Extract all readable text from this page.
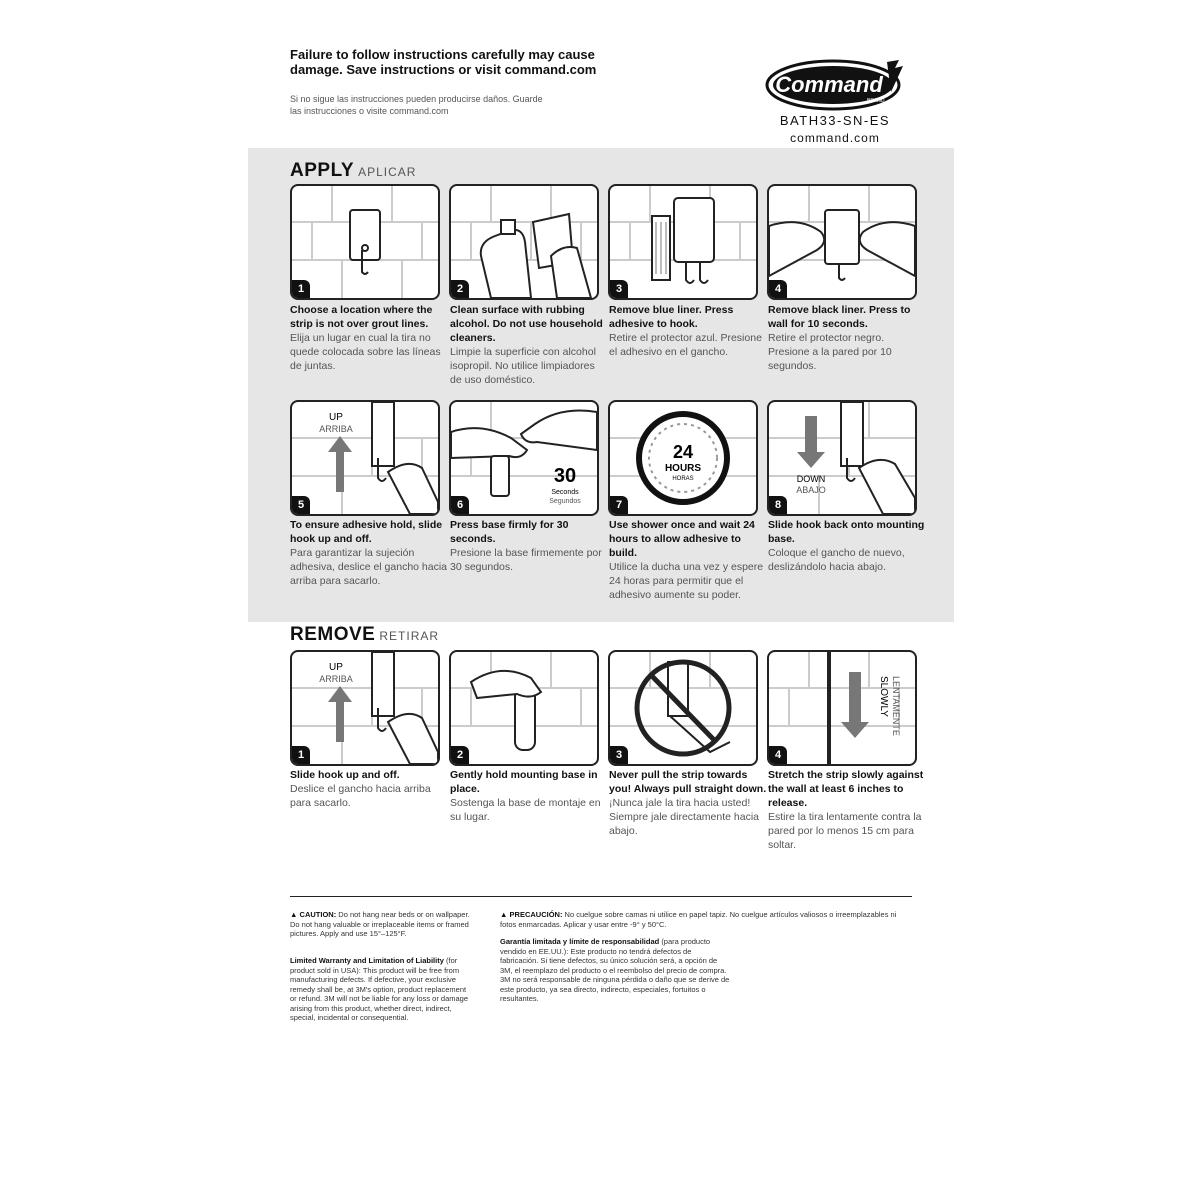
Failure to follow instructions carefully may cause damage. Save instructions or visit command.com
Si no sigue las instrucciones pueden producirse daños. Guarde las instrucciones o visite command.com
Command
BRAND
BATH33-SN-ES
command.com
APPLY APLICAR
1	2	3	4
Choose a location where the strip is not over grout lines.
Elija un lugar en cual la tira no quede colocada sobre las líneas de juntas.
Clean surface with rubbing alcohol. Do not use household cleaners.
Limpie la superficie con alcohol isopropil. No utilice limpiadores de uso doméstico.
Remove blue liner. Press adhesive to hook.
Retire el protector azul. Presione el adhesivo en el gancho.
Remove black liner. Press to wall for 10 seconds.
Retire el protector negro. Presione a la pared por 10 segundos.
UP
ARRIBA
5
30
Seconds
Segundos
6
24
HOURS
HORAS
7
DOWN
ABAJO
8
To ensure adhesive hold, slide hook up and off.
Para garantizar la sujeción adhesiva, deslice el gancho hacia arriba para sacarlo.
Press base firmly for 30 seconds.
Presione la base firmemente por 30 segundos.
Use shower once and wait 24 hours to allow adhesive to build.
Utilice la ducha una vez y espere 24 horas para permitir que el adhesivo aumente su poder.
Slide hook back onto mounting base.
Coloque el gancho de nuevo, deslizándolo hacia abajo.
REMOVE RETIRAR
UP
ARRIBA
1	2	3
SLOWLY LENTAMENTE
4
Slide hook up and off.
Deslice el gancho hacia arriba para sacarlo.
Gently hold mounting base in place.
Sostenga la base de montaje en su lugar.
Never pull the strip towards you! Always pull straight down.
¡Nunca jale la tira hacia usted! Siempre jale directamente hacia abajo.
Stretch the strip slowly against the wall at least 6 inches to release.
Estire la tira lentamente contra la pared por lo menos 15 cm para soltar.
▲ CAUTION: Do not hang near beds or on wallpaper. Do not hang valuable or irreplaceable items or framed pictures. Apply and use 15°–125°F.
Limited Warranty and Limitation of Liability (for product sold in USA): This product will be free from manufacturing defects. If defective, your exclusive remedy shall be, at 3M's option, product replacement or refund. 3M will not be liable for any loss or damage arising from this product, whether direct, indirect, special, incidental or consequential.
▲ PRECAUCIÓN: No cuelgue sobre camas ni utilice en papel tapiz. No cuelgue artículos valiosos o irreemplazables ni fotos enmarcadas. Aplicar y usar entre -9° y 50°C.
Garantía limitada y límite de responsabilidad (para producto vendido en EE.UU.): Este producto no tendrá defectos de fabricación. Si tiene defectos, su único solución será, a opción de 3M, el reemplazo del producto o el reembolso del precio de compra. 3M no será responsable de ninguna pérdida o daño que se derive de este producto, ya sea directo, indirecto, especiales, fortuitos o resultantes.
